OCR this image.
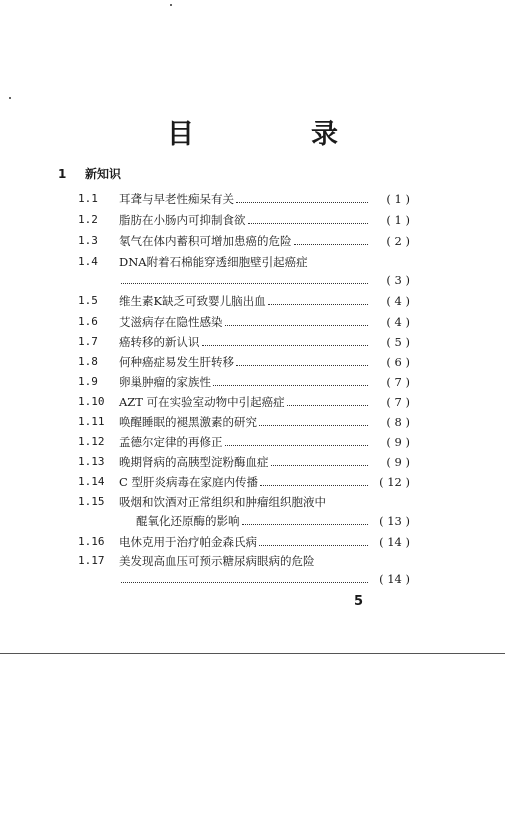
目　录
1 新知识
1.1	耳聋与早老性痴呆有关	( 1 )
1.2	脂肪在小肠内可抑制食欲	( 1 )
1.3	氡气在体内蓄积可增加患癌的危险	( 2 )
1.4	DNA附着石棉能穿透细胞壁引起癌症
( 3 )
1.5	维生素K缺乏可致婴儿脑出血	( 4 )
1.6	艾滋病存在隐性感染	( 4 )
1.7	癌转移的新认识	( 5 )
1.8	何种癌症易发生肝转移	( 6 )
1.9	卵巢肿瘤的家族性	( 7 )
1.10	AZT 可在实验室动物中引起癌症	( 7 )
1.11	唤醒睡眠的褪黑激素的研究	( 8 )
1.12	孟德尔定律的再修正	( 9 )
1.13	晚期肾病的高胰型淀粉酶血症	( 9 )
1.14	C 型肝炎病毒在家庭内传播	( 12 )
1.15	吸烟和饮酒对正常组织和肿瘤组织胞液中
醌氧化还原酶的影响	( 13 )
1.16	电休克用于治疗帕金森氏病	( 14 )
1.17	美发现高血压可预示糖尿病眼病的危险
( 14 )
5
